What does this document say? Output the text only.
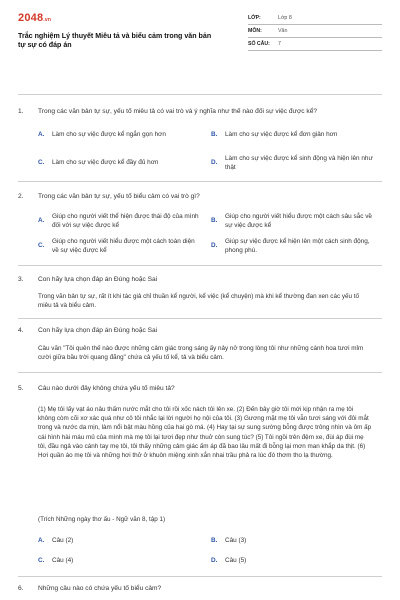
2048.vn
Trắc nghiệm Lý thuyết Miêu tả và biểu cảm trong văn bản tự sự có đáp án
LỚP:	Lớp 8
MÔN:	Văn
SỐ CÂU:	7
1. Trong các văn bản tự sự, yếu tố miêu tả có vai trò và ý nghĩa như thế nào đối sự việc được kể?
A. Làm cho sự việc được kể ngắn gọn hơn	B. Làm cho sự việc được kể đơn giản hơn
C. Làm cho sự việc được kể đầy đủ hơn	D.
Làm cho sự việc được kể sinh động và hiện lên như thật
2. Trong các văn bản tự sự, yếu tố biểu cảm có vai trò gì?
A.
Giúp cho người viết thể hiện được thái độ của mình đối với sự việc được kể
B.
Giúp cho người viết hiểu được một cách sâu sắc về sự việc được kể
C.
Giúp cho người viết hiểu được một cách toàn diện về sự việc được kể
D.
Giúp sự việc được kể hiện lên một cách sinh động, phong phú.
3. Con hãy lựa chọn đáp án Đúng hoặc Sai
Trong văn bản tự sự, rất ít khi tác giả chỉ thuần kể người, kể việc (kể chuyện) mà khi kể thường đan xen các yếu tố miêu tả và biểu cảm.
4. Con hãy lựa chọn đáp án Đúng hoặc Sai
Câu văn "Tôi quên thế nào được những cảm giác trong sáng ấy nảy nở trong lòng tôi như những cánh hoa tươi mỉm cười giữa bầu trời quang đãng" chứa cả yếu tố kể, tả và biểu cảm.
5. Câu nào dưới đây không chứa yếu tố miêu tả?
(1) Mẹ tôi lấy vạt áo nâu thấm nước mắt cho tôi rồi xốc nách tôi lên xe. (2) Đến bây giờ tôi mới kịp nhận ra mẹ tôi không còm cõi xơ xác quá như cô tôi nhắc lại lời người họ nội của tôi. (3) Gương mặt mẹ tôi vẫn tươi sáng với đôi mắt trong và nước da mịn, làm nổi bật màu hồng của hai gò má. (4) Hay tại sự sung sướng bỗng được trông nhìn và ôm ấp cái hình hài máu mủ của mình mà mẹ tôi lại tươi đẹp như thuở còn sung túc? (5) Tôi ngồi trên đệm xe, đùi áp đùi mẹ tôi, đầu ngả vào cánh tay mẹ tôi, tôi thấy những cảm giác ấm áp đã bao lâu mất đi bỗng lại mơn man khắp da thịt. (6) Hơi quần áo mẹ tôi và những hơi thở ở khuôn miệng xinh xắn nhai trầu phả ra lúc đó thơm tho lạ thường.
(Trích Những ngày thơ ấu - Ngữ văn 8, tập 1)
A. Câu (2)	B. Câu (3)
C. Câu (4)	D. Câu (5)
6. Những câu nào có chứa yếu tố biểu cảm?
